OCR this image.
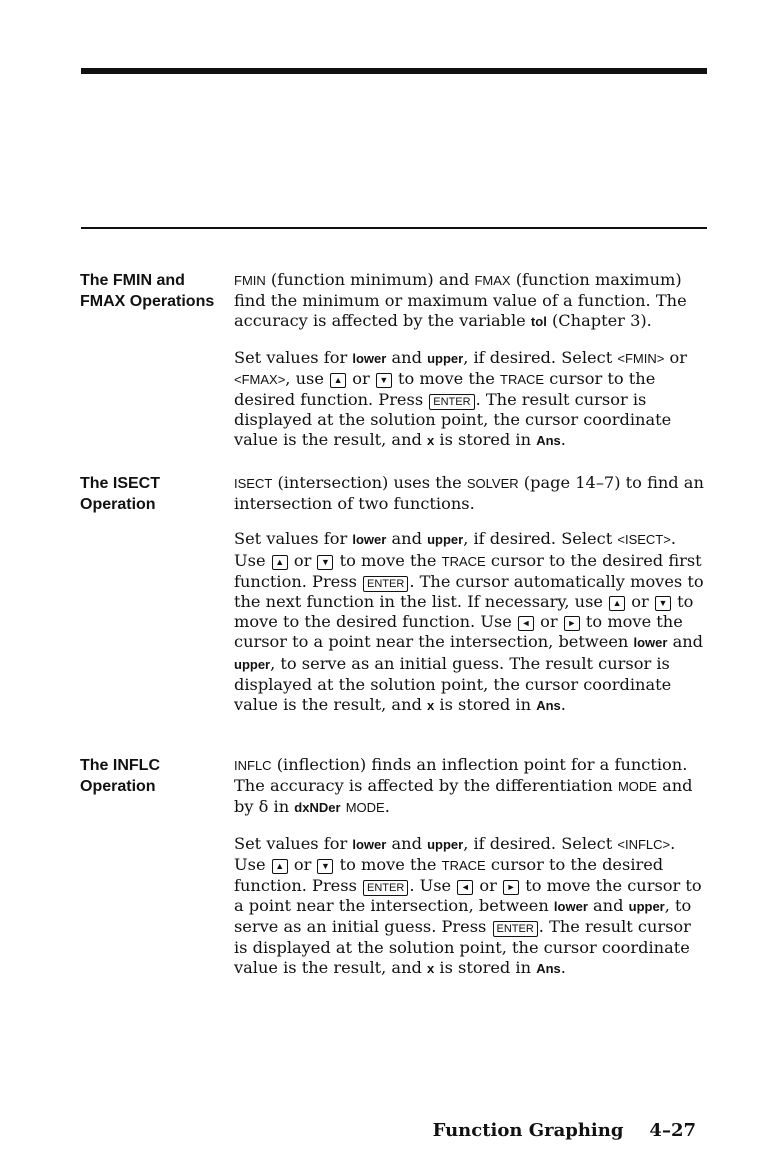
The FMIN and
FMAX Operations

FMIN (function minimum) and FMAX (function maximum) find the minimum or maximum value of a function. The accuracy is affected by the variable tol (Chapter 3).

Set values for lower and upper, if desired. Select <FMIN> or <FMAX>, use ▲ or ▼ to move the TRACE cursor to the desired function. Press ENTER . The result cursor is displayed at the solution point, the cursor coordinate value is the result, and x is stored in Ans.

The ISECT
Operation

ISECT (intersection) uses the SOLVER (page 14–7) to find an intersection of two functions.

Set values for lower and upper, if desired. Select <ISECT>. Use ▲ or ▼ to move the TRACE cursor to the desired first function. Press ENTER . The cursor automatically moves to the next function in the list. If necessary, use ▲ or ▼ to move to the desired function. Use ◄ or ► to move the cursor to a point near the intersection, between lower and upper, to serve as an initial guess. The result cursor is displayed at the solution point, the cursor coordinate value is the result, and x is stored in Ans.

The INFLC
Operation

INFLC (inflection) finds an inflection point for a function. The accuracy is affected by the differentiation MODE and by δ in dxNDer MODE.

Set values for lower and upper, if desired. Select <INFLC>. Use ▲ or ▼ to move the TRACE cursor to the desired function. Press ENTER . Use ◄ or ► to move the cursor to a point near the intersection, between lower and upper, to serve as an initial guess. Press ENTER . The result cursor is displayed at the solution point, the cursor coordinate value is the result, and x is stored in Ans.

Function Graphing 4–27
